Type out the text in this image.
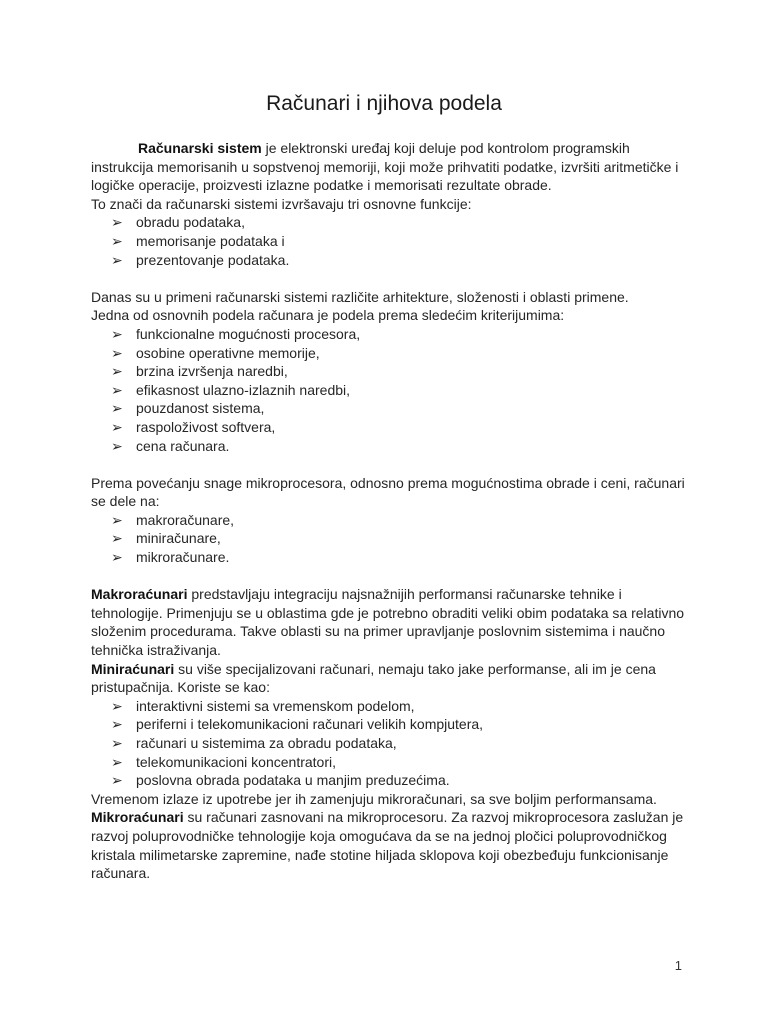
Računari i njihova podela

Računarski sistem je elektronski uređaj koji deluje pod kontrolom programskih instrukcija memorisanih u sopstvenoj memoriji, koji može prihvatiti podatke, izvršiti aritmetičke i logičke operacije, proizvesti izlazne podatke i memorisati rezultate obrade.

To znači da računarski sistemi izvršavaju tri osnovne funkcije:

➢ obradu podataka,
➢ memorisanje podataka i
➢ prezentovanje podataka.

Danas su u primeni računarski sistemi različite arhitekture, složenosti i oblasti primene.

Jedna od osnovnih podela računara je podela prema sledećim kriterijumima:

➢ funkcionalne mogućnosti procesora,
➢ osobine operativne memorije,
➢ brzina izvršenja naredbi,
➢ efikasnost ulazno-izlaznih naredbi,
➢ pouzdanost sistema,
➢ raspoloživost softvera,
➢ cena računara.

Prema povećanju snage mikroprocesora, odnosno prema mogućnostima obrade i ceni, računari se dele na:

➢ makroračunare,
➢ miniračunare,
➢ mikroračunare.

Makroraćunari predstavljaju integraciju najsnažnijih performansi računarske tehnike i tehnologije. Primenjuju se u oblastima gde je potrebno obraditi veliki obim podataka sa relativno složenim procedurama. Takve oblasti su na primer upravljanje poslovnim sistemima i naučno tehnička istraživanja.

Miniraćunari su više specijalizovani računari, nemaju tako jake performanse, ali im je cena pristupačnija. Koriste se kao:

➢ interaktivni sistemi sa vremenskom podelom,
➢ periferni i telekomunikacioni računari velikih kompjutera,
➢ računari u sistemima za obradu podataka,
➢ telekomunikacioni koncentratori,
➢ poslovna obrada podataka u manjim preduzećima.

Vremenom izlaze iz upotrebe jer ih zamenjuju mikroračunari, sa sve boljim performansama.

Mikroraćunari su računari zasnovani na mikroprocesoru. Za razvoj mikroprocesora zaslužan je razvoj poluprovodničke tehnologije koja omogućava da se na jednoj pločici poluprovodničkog kristala milimetarske zapremine, nađe stotine hiljada sklopova koji obezbeđuju funkcionisanje računara.

1
